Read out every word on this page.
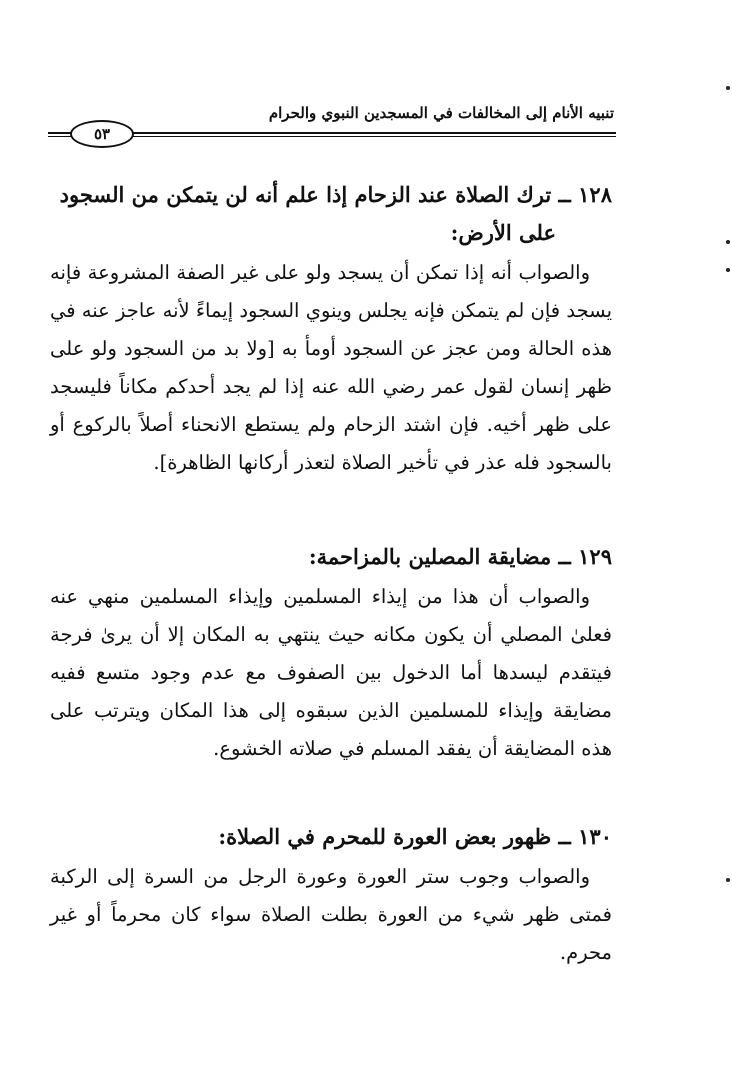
تنبيه الأنام إلى المخالفات في المسجدين النبوي والحرام
٥٣
١٢٨ ــ ترك الصلاة عند الزحام إذا علم أنه لن يتمكن من السجود
على الأرض:

والصواب أنه إذا تمكن أن يسجد ولو على غير الصفة المشروعة فإنه يسجد فإن لم يتمكن فإنه يجلس وينوي السجود إيماءً لأنه عاجز عنه في هذه الحالة ومن عجز عن السجود أومأ به [ولا بد من السجود ولو على ظهر إنسان لقول عمر رضي الله عنه إذا لم يجد أحدكم مكاناً فليسجد على ظهر أخيه. فإن اشتد الزحام ولم يستطع الانحناء أصلاً بالركوع أو بالسجود فله عذر في تأخير الصلاة لتعذر أركانها الظاهرة].

١٢٩ ــ مضايقة المصلين بالمزاحمة:

والصواب أن هذا من إيذاء المسلمين وإيذاء المسلمين منهي عنه فعلىٰ المصلي أن يكون مكانه حيث ينتهي به المكان إلا أن يرىٰ فرجة فيتقدم ليسدها أما الدخول بين الصفوف مع عدم وجود متسع ففيه مضايقة وإيذاء للمسلمين الذين سبقوه إلى هذا المكان ويترتب على هذه المضايقة أن يفقد المسلم في صلاته الخشوع.

١٣٠ ــ ظهور بعض العورة للمحرم في الصلاة:

والصواب وجوب ستر العورة وعورة الرجل من السرة إلى الركبة فمتى ظهر شيء من العورة بطلت الصلاة سواء كان محرماً أو غير محرم.
